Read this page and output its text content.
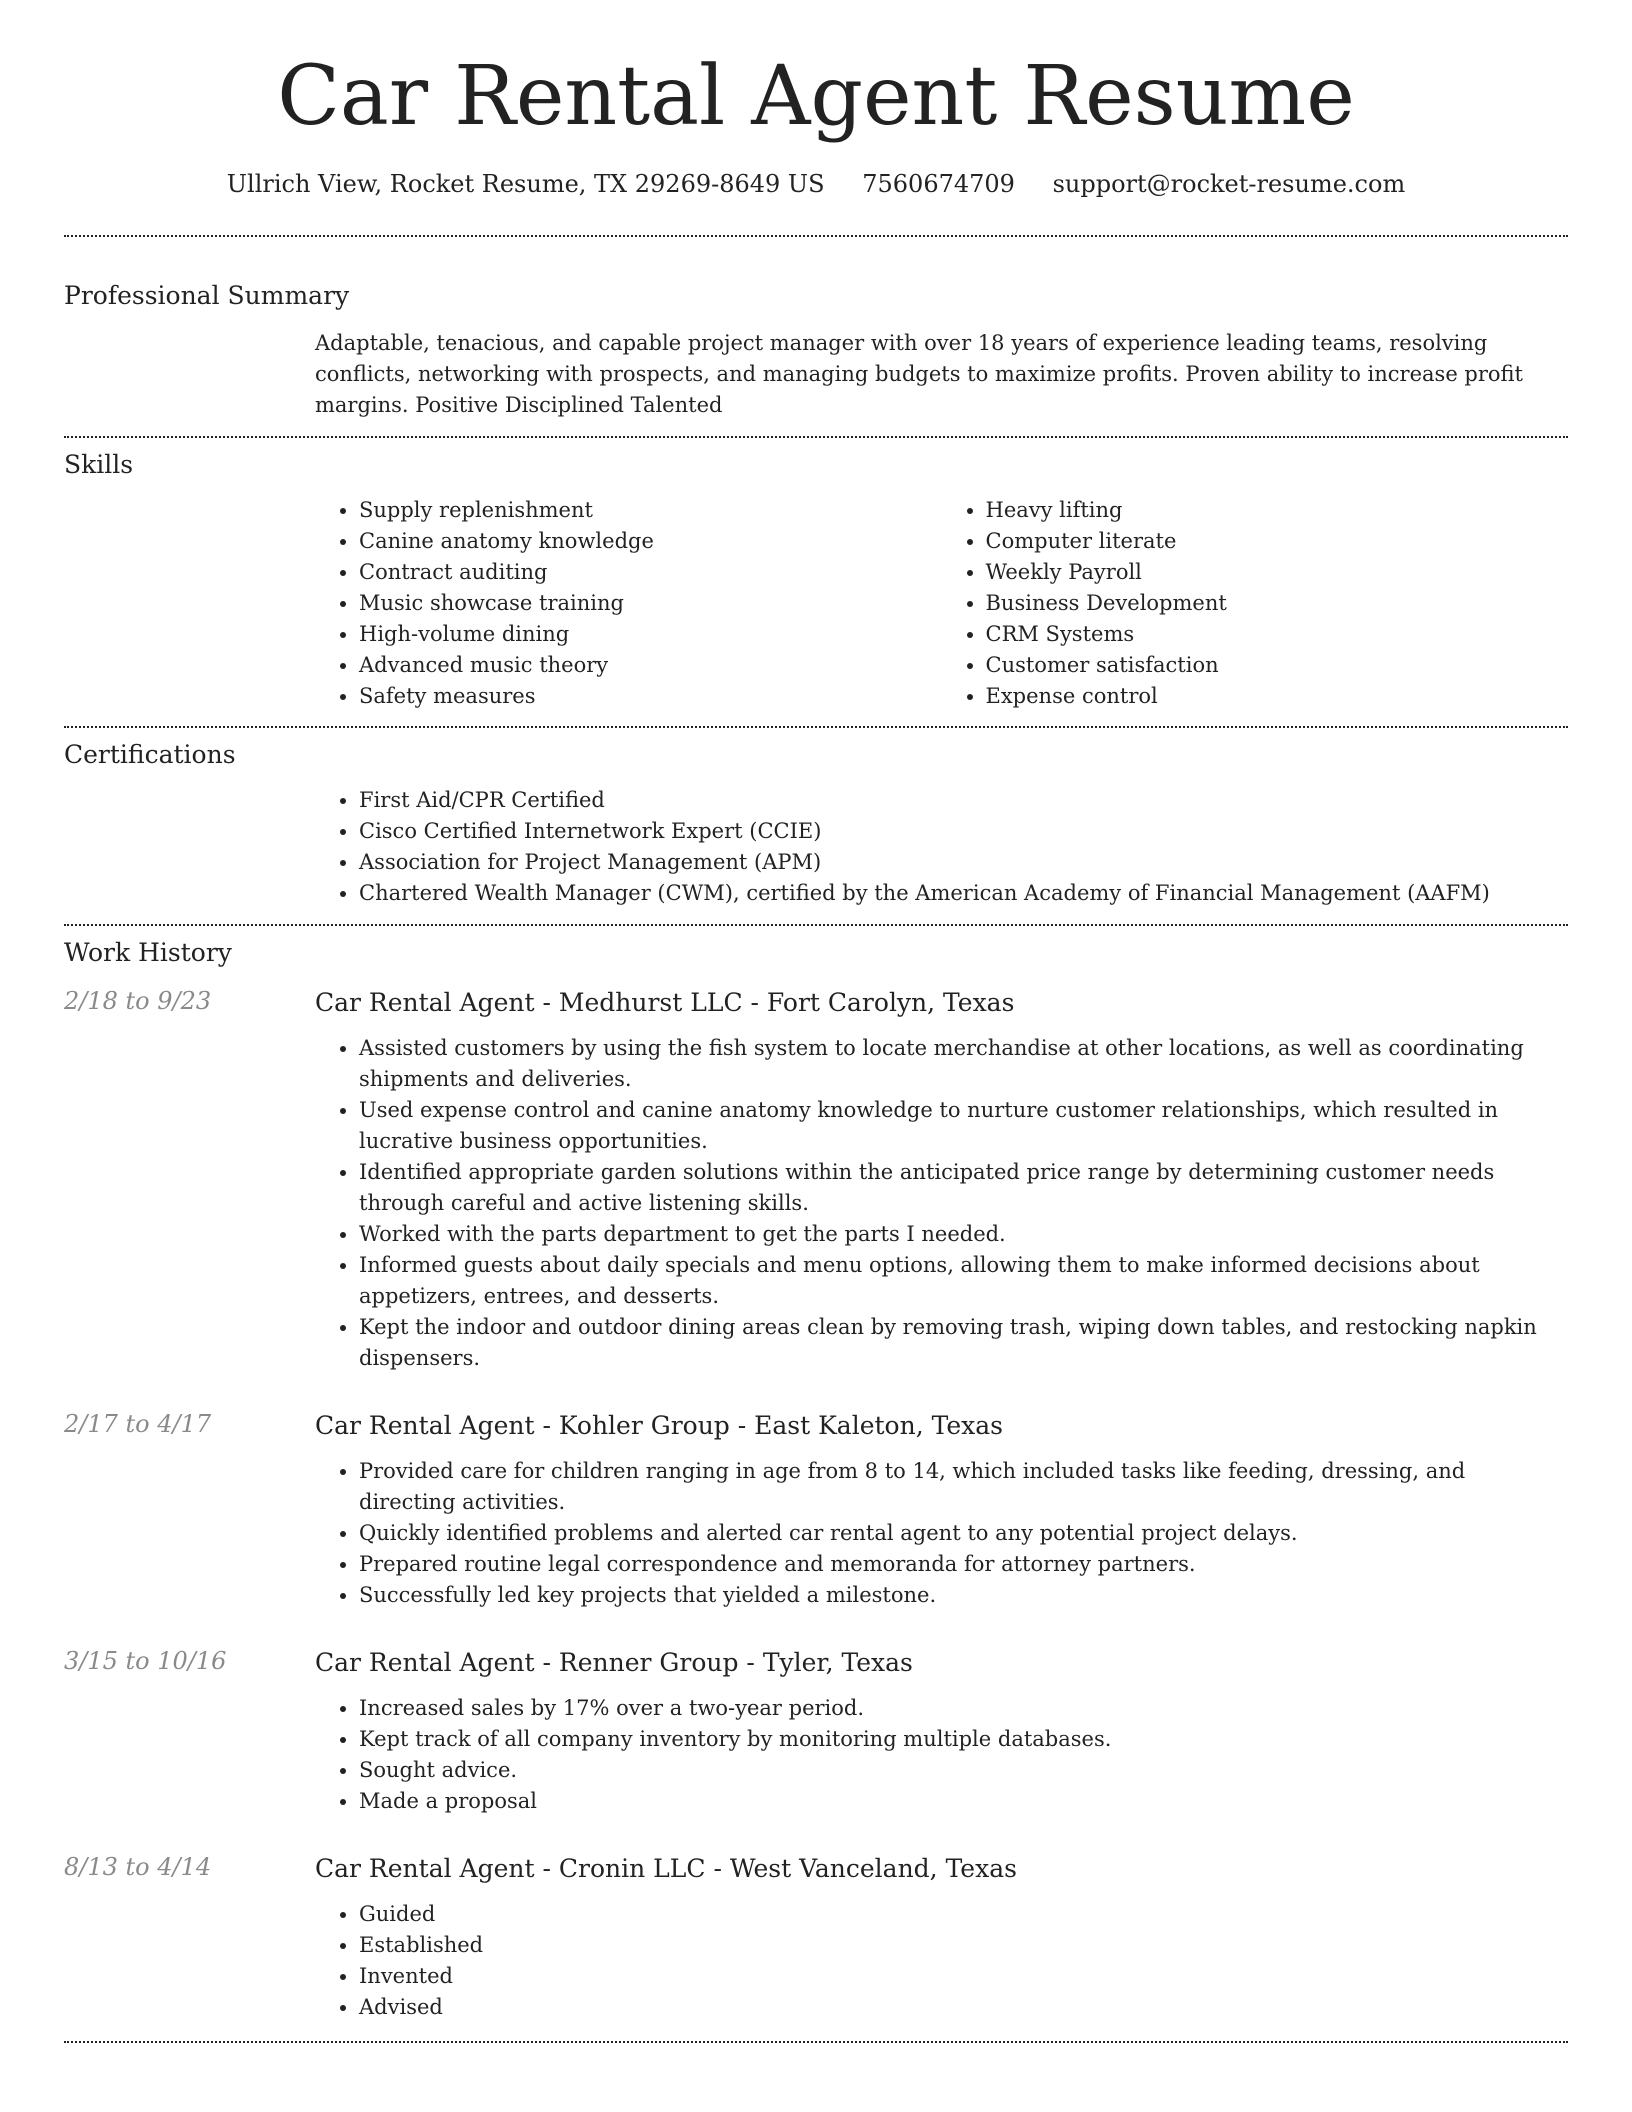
Car Rental Agent Resume
Ullrich View, Rocket Resume, TX 29269-8649 US 7560674709 support@rocket-resume.com
Professional Summary
Adaptable, tenacious, and capable project manager with over 18 years of experience leading teams, resolving conflicts, networking with prospects, and managing budgets to maximize profits. Proven ability to increase profit margins. Positive Disciplined Talented
Skills
• Supply replenishment
• Canine anatomy knowledge
• Contract auditing
• Music showcase training
• High-volume dining
• Advanced music theory
• Safety measures
• Heavy lifting
• Computer literate
• Weekly Payroll
• Business Development
• CRM Systems
• Customer satisfaction
• Expense control
Certifications
• First Aid/CPR Certified
• Cisco Certified Internetwork Expert (CCIE)
• Association for Project Management (APM)
• Chartered Wealth Manager (CWM), certified by the American Academy of Financial Management (AAFM)
Work History
2/18 to 9/23	Car Rental Agent - Medhurst LLC - Fort Carolyn, Texas
• Assisted customers by using the fish system to locate merchandise at other locations, as well as coordinating shipments and deliveries.
• Used expense control and canine anatomy knowledge to nurture customer relationships, which resulted in lucrative business opportunities.
• Identified appropriate garden solutions within the anticipated price range by determining customer needs through careful and active listening skills.
• Worked with the parts department to get the parts I needed.
• Informed guests about daily specials and menu options, allowing them to make informed decisions about appetizers, entrees, and desserts.
• Kept the indoor and outdoor dining areas clean by removing trash, wiping down tables, and restocking napkin dispensers.
2/17 to 4/17	Car Rental Agent - Kohler Group - East Kaleton, Texas
• Provided care for children ranging in age from 8 to 14, which included tasks like feeding, dressing, and directing activities.
• Quickly identified problems and alerted car rental agent to any potential project delays.
• Prepared routine legal correspondence and memoranda for attorney partners.
• Successfully led key projects that yielded a milestone.
3/15 to 10/16	Car Rental Agent - Renner Group - Tyler, Texas
• Increased sales by 17% over a two-year period.
• Kept track of all company inventory by monitoring multiple databases.
• Sought advice.
• Made a proposal
8/13 to 4/14	Car Rental Agent - Cronin LLC - West Vanceland, Texas
• Guided
• Established
• Invented
• Advised
